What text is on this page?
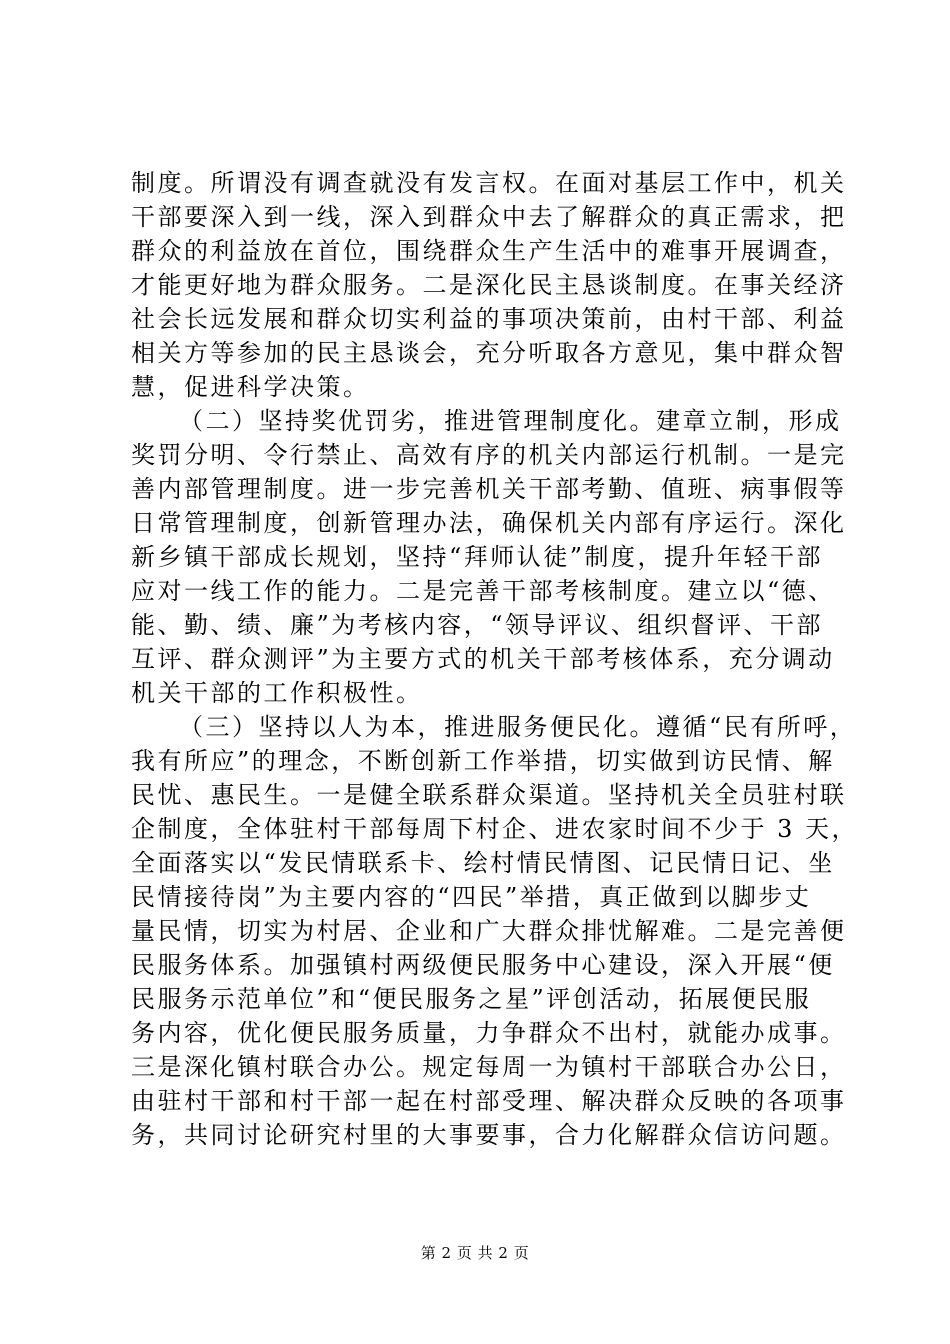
制度。所谓没有调查就没有发言权。在面对基层工作中，机关
干部要深入到一线，深入到群众中去了解群众的真正需求，把
群众的利益放在首位，围绕群众生产生活中的难事开展调查，
才能更好地为群众服务。二是深化民主恳谈制度。在事关经济
社会长远发展和群众切实利益的事项决策前，由村干部、利益
相关方等参加的民主恳谈会，充分听取各方意见，集中群众智
慧，促进科学决策。
（二）坚持奖优罚劣，推进管理制度化。建章立制，形成
奖罚分明、令行禁止、高效有序的机关内部运行机制。一是完
善内部管理制度。进一步完善机关干部考勤、值班、病事假等
日常管理制度，创新管理办法，确保机关内部有序运行。深化
新乡镇干部成长规划，坚持“拜师认徒”制度，提升年轻干部
应对一线工作的能力。二是完善干部考核制度。建立以“德、
能、勤、绩、廉”为考核内容，“领导评议、组织督评、干部
互评、群众测评”为主要方式的机关干部考核体系，充分调动
机关干部的工作积极性。
（三）坚持以人为本，推进服务便民化。遵循“民有所呼，
我有所应”的理念，不断创新工作举措，切实做到访民情、解
民忧、惠民生。一是健全联系群众渠道。坚持机关全员驻村联
企制度，全体驻村干部每周下村企、进农家时间不少于 3 天，
全面落实以“发民情联系卡、绘村情民情图、记民情日记、坐
民情接待岗”为主要内容的“四民”举措，真正做到以脚步丈
量民情，切实为村居、企业和广大群众排忧解难。二是完善便
民服务体系。加强镇村两级便民服务中心建设，深入开展“便
民服务示范单位”和“便民服务之星”评创活动，拓展便民服
务内容，优化便民服务质量，力争群众不出村，就能办成事。
三是深化镇村联合办公。规定每周一为镇村干部联合办公日，
由驻村干部和村干部一起在村部受理、解决群众反映的各项事
务，共同讨论研究村里的大事要事，合力化解群众信访问题。
第 2 页 共 2 页
